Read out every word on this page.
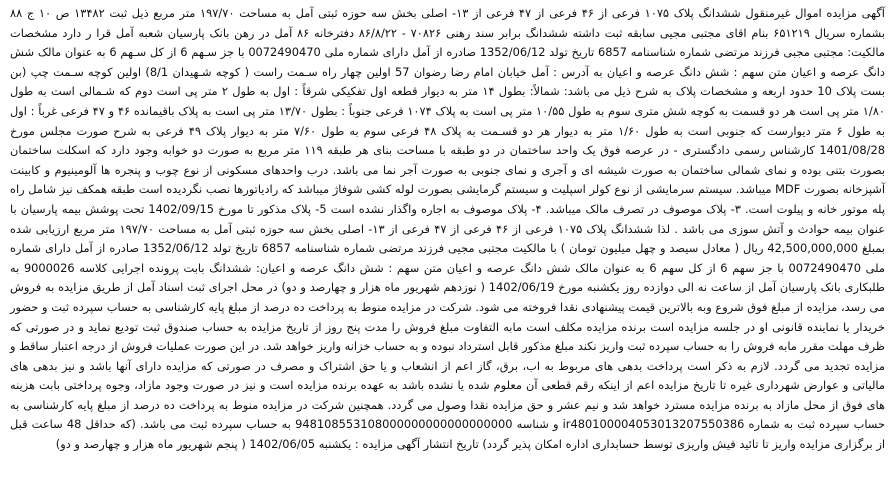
آگهی مزایده اموال غیرمنقول ششدانگ پلاک ۱۰۷۵ فرعی از ۴۶ فرعی از ۴۷ فرعی از ۱۳- اصلی بخش سه حوزه ثبتی آمل به مساحت ۱۹۷/۷۰ متر مربع ذیل ثبت ۱۳۴۸۲ ص ۱۰ ج ۸۸ بشماره سریال ۶۵۱۲۱۹ بنام اقای مجتبی مجیی سابقه ثبت داشته ششدانگ برابر سند رهنی ۷۰۸۲۶ - ۸۶/۸/۲۲ دفترخانه ۸۶ آمل در رهن بانک پارسیان شعبه آمل قرا ر دارد مشخصات مالکیت: مجتبی مجبی فرزند مرتضی شماره شناسنامه 6857 تاریخ تولد 1352/06/12 صادره از آمل دارای شماره ملی 0072490470 با جز سـهم 6 از کل سـهم 6 به عنوان مالک شش دانگ عرصه و اعیان متن سهم : شش دانگ عرصه و اعیان به آدرس : آمل خیابان امام رضا رضوان 57 اولین چهار راه سـمت راست ( کوچه شـهیدان 8/1) اولین کوچه سـمت چپ (بن بست پلاک 10 حدود اربعه و مشخصات پلاک به شرح ذیل می باشد: شمالاً: بطول ۱۴ متر به دیوار قطعه اول تفکیکی شرقاً : اول به طول ۲ متر پی است دوم که شـمالی است به طول ۱/۸۰ متر پی است هر دو قسمت به کوچه شش متری سوم به طول ۱۰/۵۵ متر پی است به پلاک ۱۰۷۴ فرعی جنوباً : بطول ۱۳/۷۰ متر پی است به پلاک باقیمانده ۴۶ و ۴۷ فرعی غرباً : اول به طول ۶ متر دیوارست که جنوبی است به طول ۱/۶۰ متر به دیوار هر دو قسـمت به پلاک ۴۸ فرعی سوم به طول ۷/۶۰ متر به دیوار پلاک ۴۹ فرعی به شرح صورت مجلس مورخ 1401/08/28 کارشناس رسمی دادگستری - در عرصه فوق یک واحد ساختمان در دو طبقه با مساحت بنای هر طبقه ۱۱۹ متر مربع به صورت دو خوابه وجود دارد که اسکلت ساختمان بصورت بتنی بوده و نمای شمالی ساختمان به صورت شیشه ای و آجری و نمای جنوبی به صورت آجر نما می باشد. درب واحدهای مسکونی از نوع چوب و پنجره ها آلومینیوم و کابینت آشپزخانه بصورت MDF میباشد. سیستم سرمایشی از نوع کولر اسپلیت و سیستم گرمایشی بصورت لوله کشی شوفاژ میباشد که رادیاتورها نصب نگردیده است طبقه همکف نیز شامل راه پله موتور خانه و پیلوت است. ۳- پلاک موصوف در تصرف مالک میباشد. ۴- پلاک موصوف به اجاره واگذار نشده است 5- پلاک مذکور تا مورخ 1402/09/15 تحت پوشش بیمه پارسیان با عنوان بیمه حوادث و آتش سوزی می باشد . لذا ششدانگ پلاک ۱۰۷۵ فرعی از ۴۶ فرعی از ۴۷ فرعی از ۱۳- اصلی بخش سه حوزه ثبتی آمل به مساحت ۱۹۷/۷۰ متر مربع ارزیابی شده بمبلغ 42,500,000,000 ریال ( معادل سیصد و چهل میلیون تومان ) با مالکیت مجتبی مجیی فرزند مرتضی شماره شناسنامه 6857 تاریخ تولد 1352/06/12 صادره از آمل دارای شماره ملی 0072490470 با جز سهم 6 از کل سهم 6 به عنوان مالک شش دانگ عرصه و اعیان متن سهم : شش دانگ عرصه و اعیان: ششدانگ بابت پرونده اجرایی کلاسه 9000026 به طلبکاری بانک پارسیان آمل از ساعت نه الی دوازده روز یکشنبه مورخ 1402/06/19 ( نوزدهم شهریور ماه هزار و چهارصد و دو) در محل اجرای ثبت اسناد آمل از طریق مزایده به فروش می رسد، مزایده از مبلغ فوق شروع وبه بالاترین قیمت پیشنهادی نقدا فروخته می شود. شرکت در مزایده منوط به پرداخت ده درصد از مبلغ پایه کارشناسی به حساب سپرده ثبت و حضور خریدار یا نماینده قانونی او در جلسه مزایده است برنده مزایده مکلف است مابه التفاوت مبلغ فروش را مدت پنج روز از تاریخ مزایده به حساب صندوق ثبت تودیع نماید و در صورتی که ظرف مهلت مقرر مابه فروش را به حساب سپرده ثبت واریز نکند مبلغ مذکور قابل استرداد نبوده و به حساب خزانه واریز خواهد شد. در این صورت عملیات فروش از درجه اعتبار ساقط و مزایده تجدید می گردد. لازم به ذکر است پرداخت بدهی های مربوط به اب، برق، گاز اعم از انشعاب و یا حق اشتراک و مصرف در صورتی که مزایده دارای آنها باشد و نیز بدهی های مالیاتی و عوارض شهرداری غیره تا تاریخ مزایده اعم از اینکه رقم قطعی آن معلوم شده یا نشده باشد به عهده برنده مزایده است و نیز در صورت وجود مازاد، وجوه پرداختی بابت هزینه های فوق از محل مازاد به برنده مزایده مسترد خواهد شد و نیم عشر و حق مزایده نقدا وصول می گردد. همچنین شرکت در مزایده منوط به پرداخت ده درصد از مبلغ پایه کارشناسی به حساب سپرده ثبت به شماره ir480100004053013207550386 و شناسه 948108553108000000000000000000 به حساب سپرده ثبت می باشد. (که حداقل 48 ساعت قبل از برگزاری مزایده واریز تا تائید فیش واریزی توسط حسابداری اداره امکان پذیر گردد) تاریخ انتشار آگهی مزایده : یکشنبه 1402/06/05 ( پنجم شهریور ماه هزار و چهارصد و دو)
